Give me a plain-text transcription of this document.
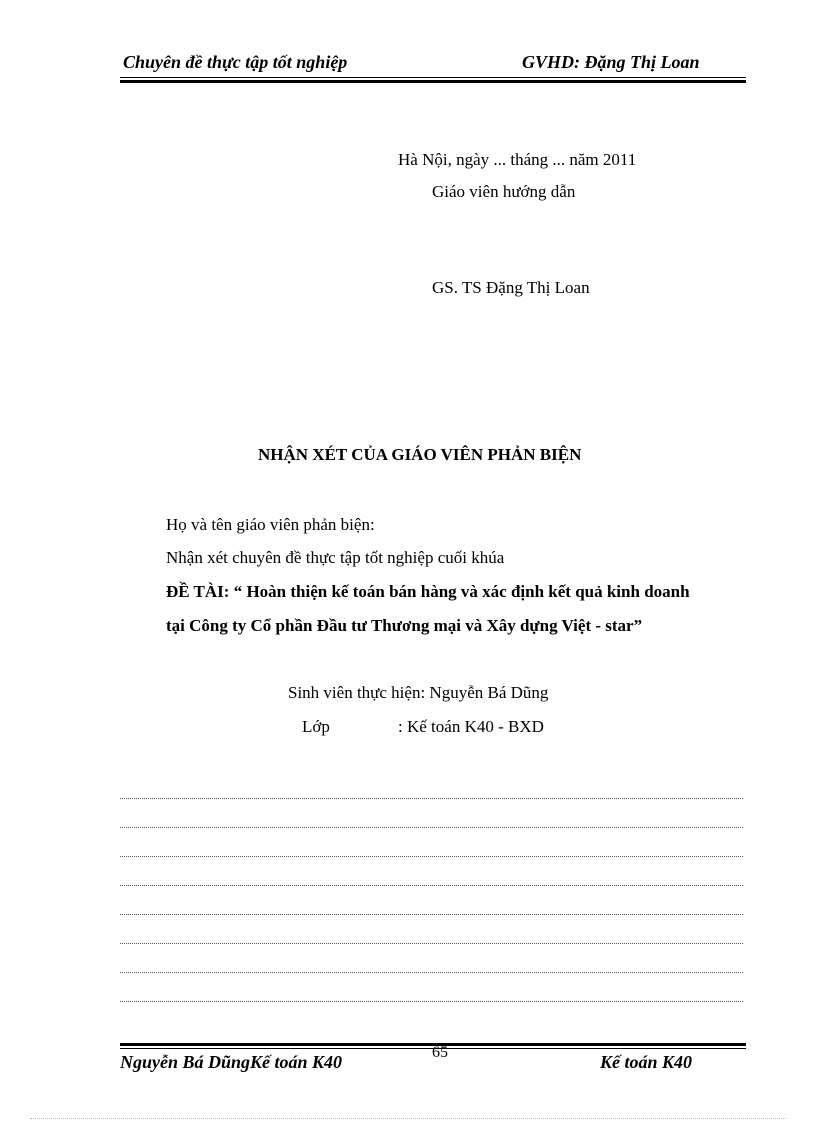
Chuyên đề thực tập tốt nghiệp	GVHD: Đặng Thị Loan
Hà Nội, ngày ... tháng ... năm 2011
Giáo viên hướng dẫn
GS. TS Đặng Thị Loan
NHẬN XÉT CỦA GIÁO VIÊN PHẢN BIỆN
Họ và tên giáo viên phản biện:
Nhận xét chuyên đề thực tập tốt nghiệp cuối khúa
ĐỀ TÀI: “ Hoàn thiện kế toán bán hàng và xác định kết quả kinh doanh
tại Công ty Cổ phần Đầu tư Thương mại và Xây dựng Việt - star”
Sinh viên thực hiện: Nguyễn Bá Dũng
Lớp	: Kế toán K40 - BXD
65
Nguyễn Bá DũngKế toán K40	Kế toán K40
